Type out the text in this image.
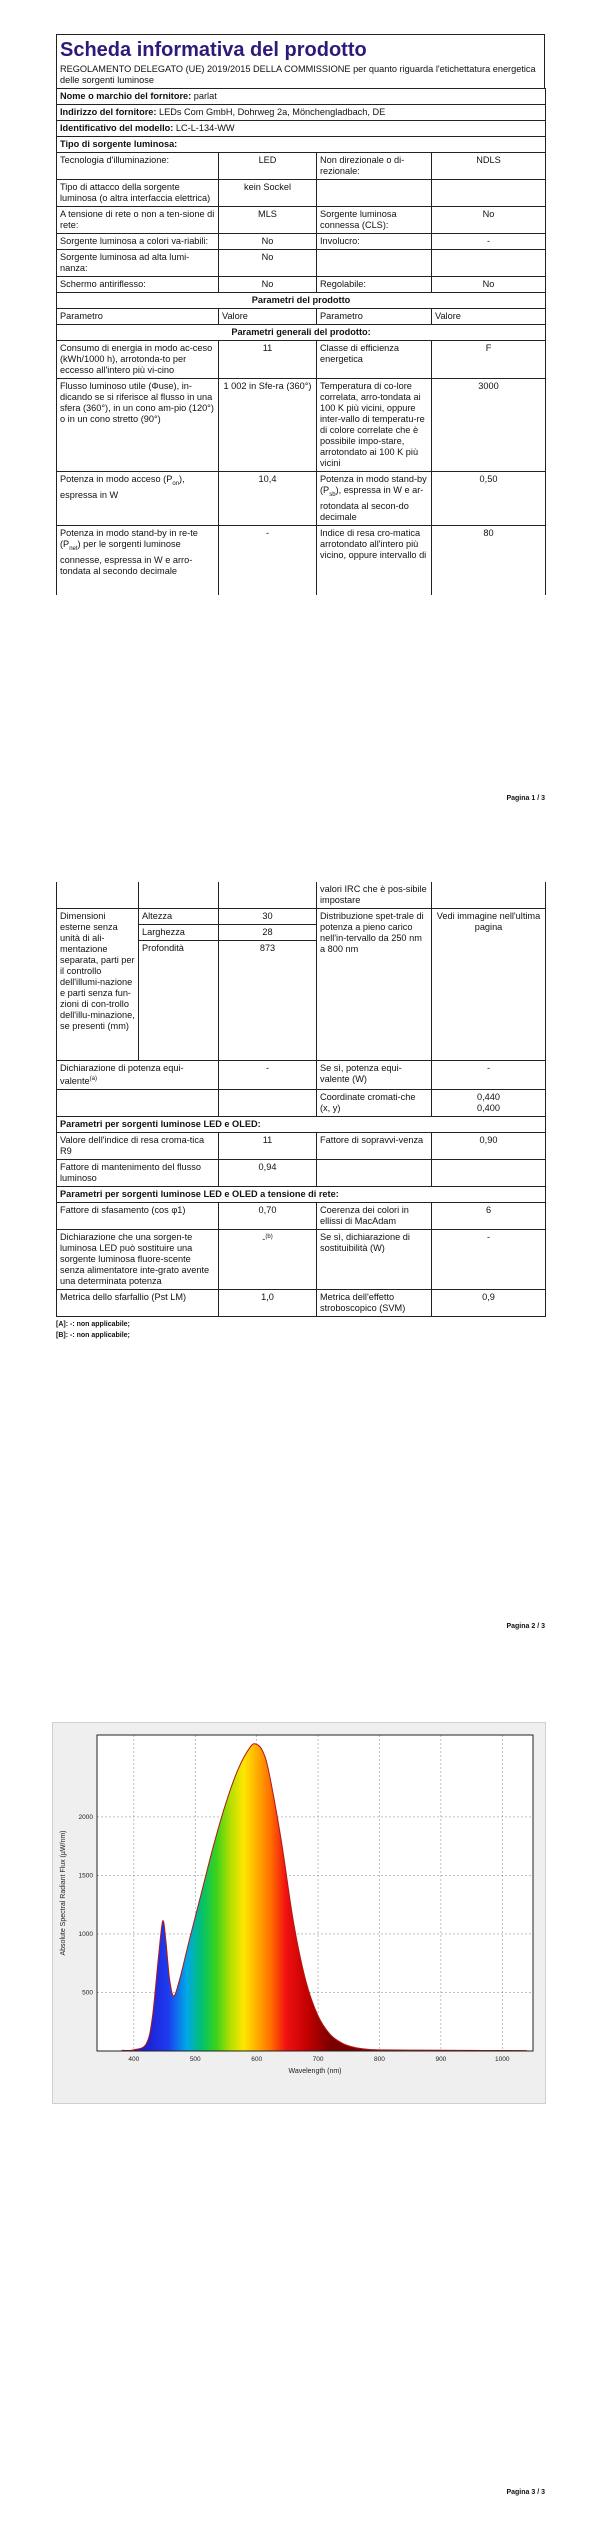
Scheda informativa del prodotto
REGOLAMENTO DELEGATO (UE) 2019/2015 DELLA COMMISSIONE per quanto riguarda l'etichettatura energetica delle sorgenti luminose
Nome o marchio del fornitore: parlat			
Indirizzo del fornitore: LEDs Com GmbH, Dohrweg 2a, Mönchengladbach, DE			
Identificativo del modello: LC-L-134-WW			
Tipo di sorgente luminosa:			
Tecnologia d'illuminazione:	LED	Non direzionale o di-rezionale:	NDLS
Tipo di attacco della sorgente luminosa (o altra interfaccia elettrica)	kein Sockel		
A tensione di rete o non a ten-sione di rete:	MLS	Sorgente luminosa connessa (CLS):	No
Sorgente luminosa a colori va-riabili:	No	Involucro:	-
Sorgente luminosa ad alta lumi-nanza:	No		
Schermo antiriflesso:	No	Regolabile:	No
Parametri del prodotto			
Parametro	Valore	Parametro	Valore
Parametri generali del prodotto:			
Consumo di energia in modo ac-ceso (kWh/1000 h), arrotonda-to per eccesso all'intero più vi-cino	11	Classe di efficienza energetica	F
Flusso luminoso utile (Φuse), in-dicando se si riferisce al flusso in una sfera (360°), in un cono am-pio (120°) o in un cono stretto (90°)	1 002 in Sfe-ra (360°)	Temperatura di co-lore correlata, arro-tondata ai 100 K più vicini, oppure inter-vallo di temperatu-re di colore correlate che è possibile impo-stare, arrotondato ai 100 K più vicini	3000
Potenza in modo acceso $(P_{on})$, espressa in W	10,4	Potenza in modo stand-by $(P_{sb})$, espressa in W e ar-rotondata al secon-do decimale	0,50
Potenza in modo stand-by in re-te $(P_{net})$ per le sorgenti luminose connesse, espressa in W e arro-tondata al secondo decimale	-	Indice di resa cro-matica arrotondato all'intero più vicino, oppure intervallo di	80
Pagina 1 / 3
			valori IRC che è pos-sibile impostare	
Dimensioni esterne senza unità di ali-mentazione separata, parti per il controllo dell'illumi-nazione e parti senza fun-zioni di con-trollo dell'illu-minazione, se presenti (mm)	Altezza	30	Distribuzione spet-trale di potenza a pieno carico nell'in-tervallo da 250 nm a 800 nm	Vedi immagine nell'ultima pagina
	Larghezza	28		
	Profondità	873		
Dichiarazione di potenza equi-valente$^{(a)}$		-	Se sì, potenza equi-valente (W)	-
			Coordinate cromati-che (x, y)	0,440
0,400

Parametri per sorgenti luminose LED e OLED:				
Valore dell'indice di resa croma-tica R9		11	Fattore di sopravvi-venza	0,90
Fattore di mantenimento del flusso luminoso		0,94		
Parametri per sorgenti luminose LED e OLED a tensione di rete:				
Fattore di sfasamento (cos φ1)		0,70	Coerenza dei colori in ellissi di MacAdam	6
Dichiarazione che una sorgen-te luminosa LED può sostituire una sorgente luminosa fluore-scente senza alimentatore inte-grato avente una determinata potenza		-$^{(b)}$	Se sì, dichiarazione di sostituibilità (W)	-
Metrica dello sfarfallio (Pst LM)		1,0	Metrica dell'effetto stroboscopico (SVM)	0,9
[A]: -: non applicabile;
[B]: -: non applicabile;
Pagina 2 / 3
400	500	600	700	800	900	1000
500
1000
1500
2000
Wavelength (nm)
Absolute Spectral Radiant Flux (µW/nm)
Pagina 3 / 3
